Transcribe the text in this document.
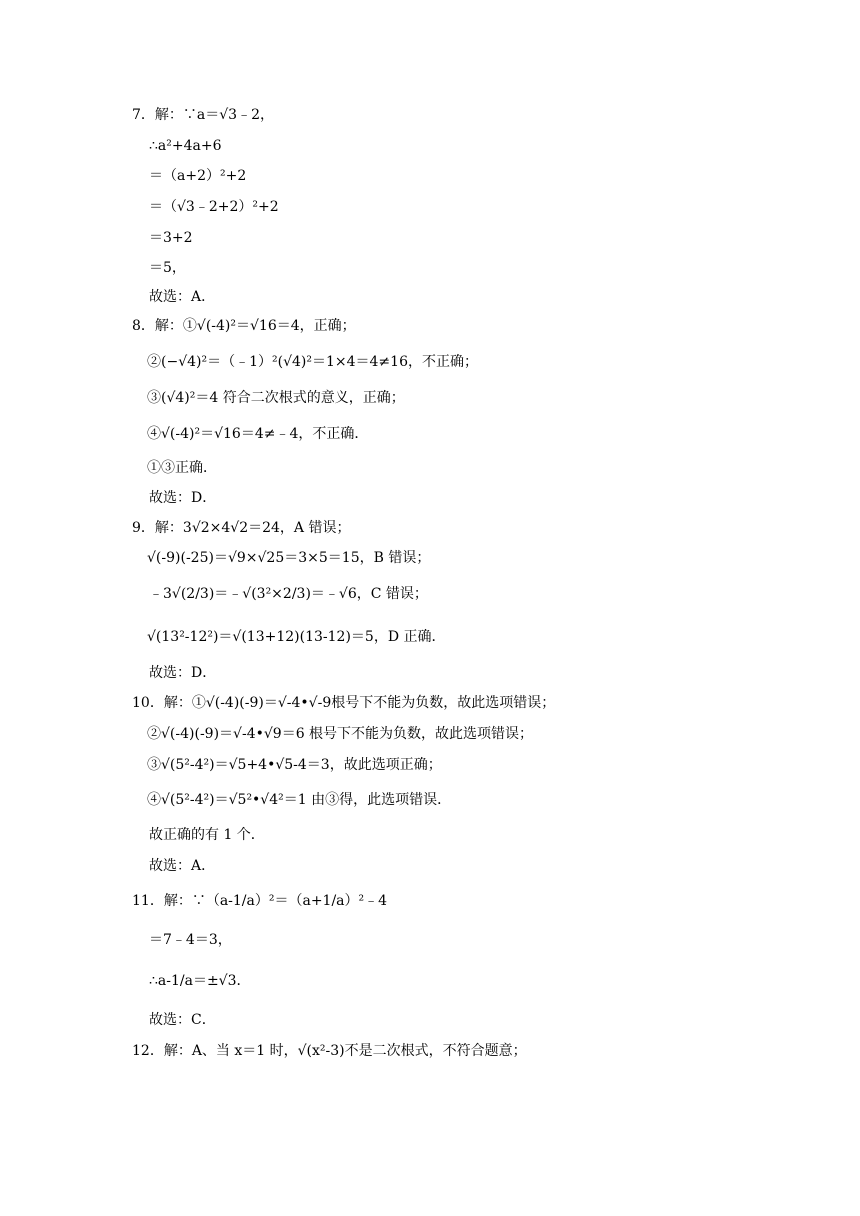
7．解：∵a＝√3﹣2，
∴a²+4a+6
＝（a+2）²+2
＝（√3﹣2+2）²+2
＝3+2
＝5，
故选：A．
8．解：①√(-4)²＝√16＝4，正确；
②(−√4)²＝（﹣1）²(√4)²＝1×4＝4≠16，不正确；
③(√4)²＝4 符合二次根式的意义，正确；
④√(-4)²＝√16＝4≠﹣4，不正确．
①③正确．
故选：D．
9．解：3√2×4√2＝24，A 错误；
√(-9)(-25)＝√9×√25＝3×5＝15，B 错误；
﹣3√(2/3)＝﹣√(3²×2/3)＝﹣√6，C 错误；
√(13²-12²)＝√(13+12)(13-12)＝5，D 正确．
故选：D．
10．解：①√(-4)(-9)＝√-4•√-9根号下不能为负数，故此选项错误；
②√(-4)(-9)＝√-4•√9＝6 根号下不能为负数，故此选项错误；
③√(5²-4²)＝√5+4•√5-4＝3，故此选项正确；
④√(5²-4²)＝√5²•√4²＝1 由③得，此选项错误．
故正确的有 1 个．
故选：A．
11．解：∵（a-1/a）²＝（a+1/a）²﹣4
＝7﹣4＝3，
∴a-1/a＝±√3．
故选：C．
12．解：A、当 x＝1 时，√(x²-3)不是二次根式，不符合题意；
